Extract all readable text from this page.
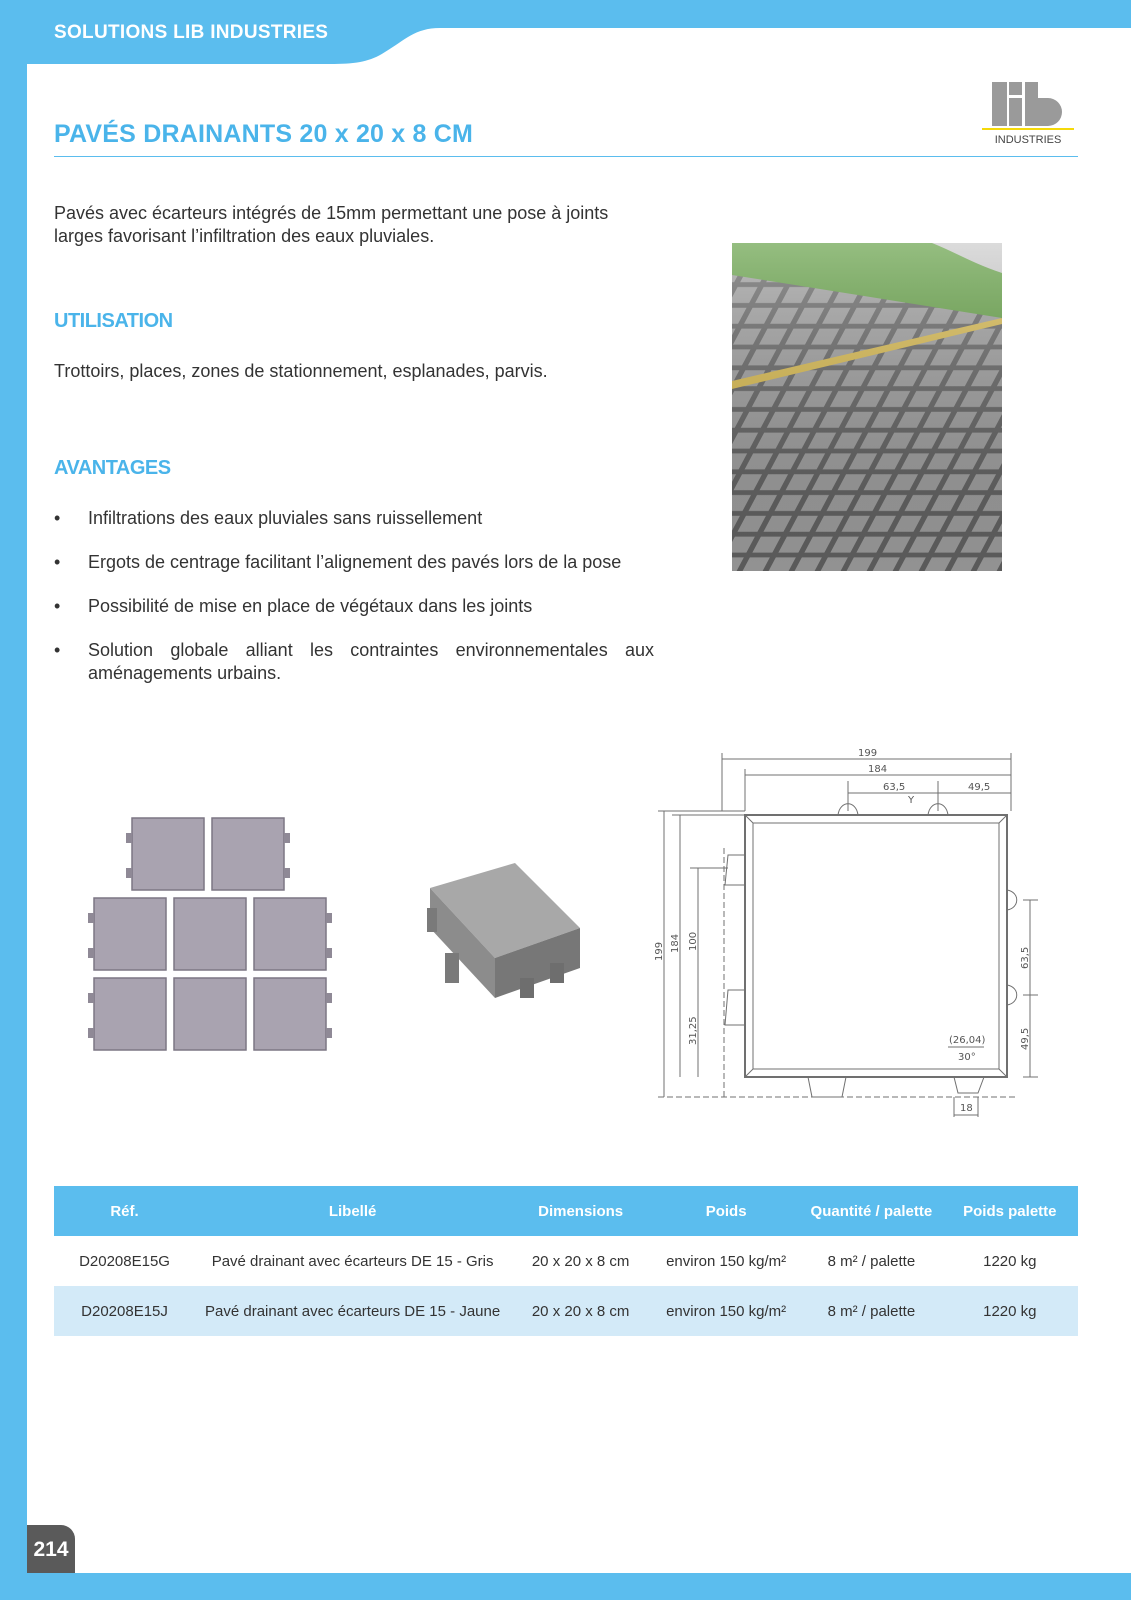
SOLUTIONS LIB INDUSTRIES
INDUSTRIES
PAVÉS DRAINANTS 20 x 20 x 8 CM
Pavés avec écarteurs intégrés de 15mm permettant une pose à joints larges favorisant l’infiltration des eaux pluviales.
UTILISATION
Trottoirs, places, zones de stationnement, esplanades, parvis.
AVANTAGES
• Infiltrations des eaux pluviales sans ruissellement
• Ergots de centrage facilitant l’alignement des pavés lors de la pose
• Possibilité de mise en place de végétaux dans les joints
• Solution globale alliant les contraintes environnementales aux aménagements urbains.
199
184
63,5	49,5
Y
199 184 100
31,25
63,5
49,5
(26,04)
30°
18
Réf.	Libellé	Dimensions	Poids	Quantité / palette	Poids palette
D20208E15G	Pavé drainant avec écarteurs DE 15 - Gris	20 x 20 x 8 cm	environ 150 kg/m²	8 m² / palette	1220 kg
D20208E15J	Pavé drainant avec écarteurs DE 15 - Jaune	20 x 20 x 8 cm	environ 150 kg/m²	8 m² / palette	1220 kg
214
